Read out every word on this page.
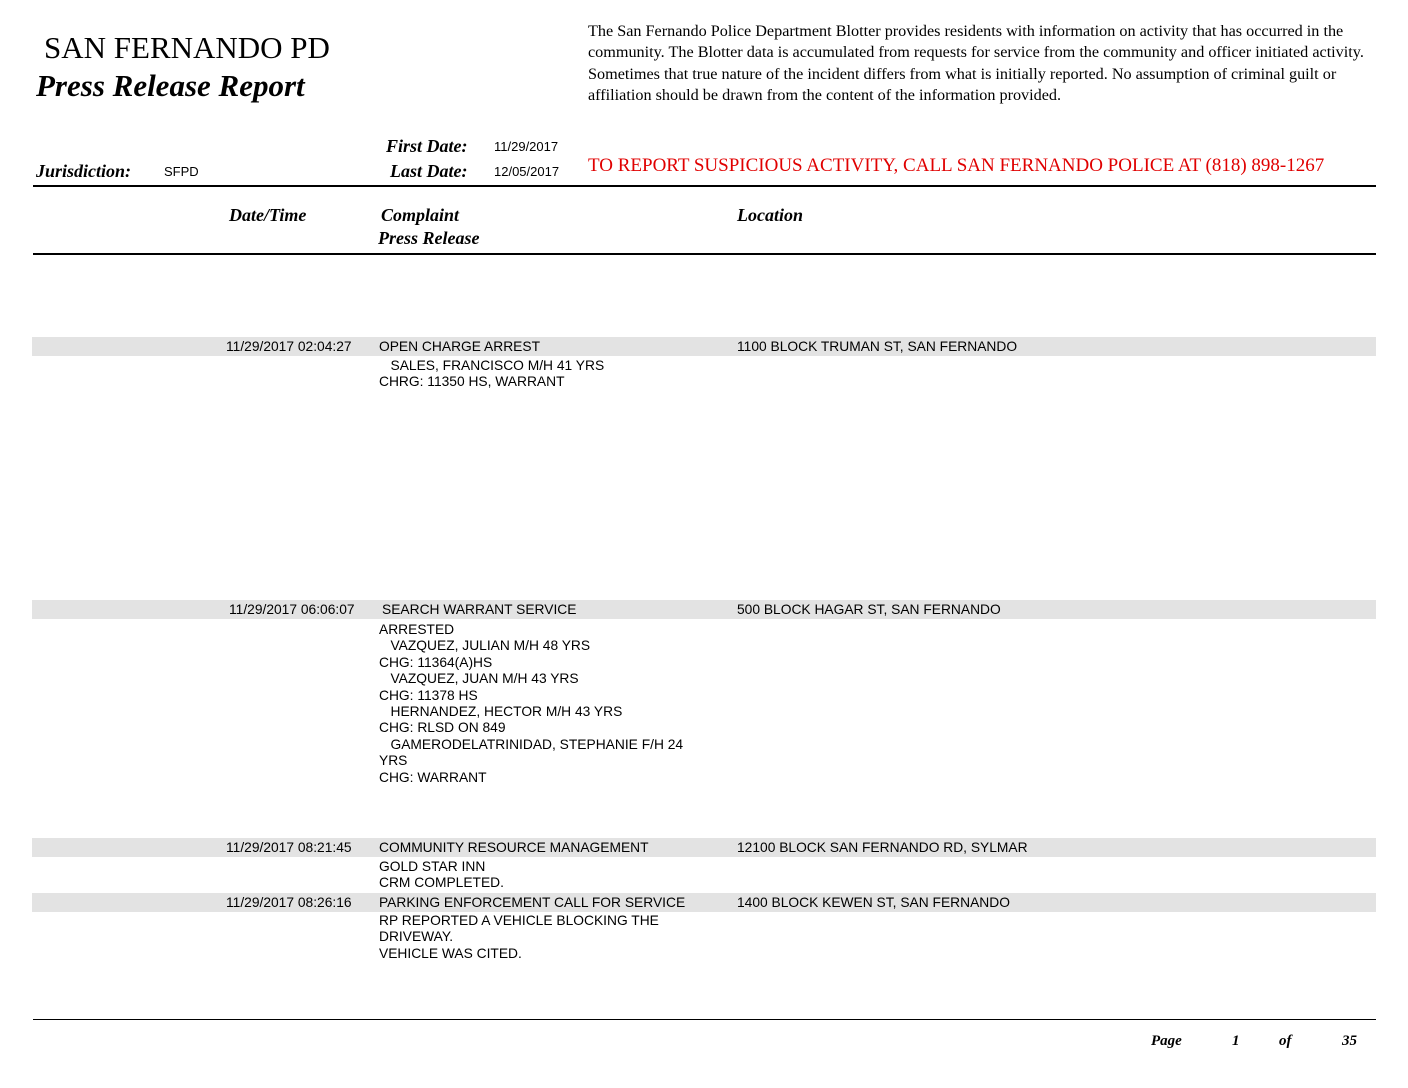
SAN FERNANDO PD
Press Release Report
Jurisdiction:	SFPD
First Date: 11/29/2017
Last Date: 12/05/2017
The San Fernando Police Department Blotter provides residents with information on activity that has occurred in the community. The Blotter data is accumulated from requests for service from the community and officer initiated activity. Sometimes that true nature of the incident differs from what is initially reported. No assumption of criminal guilt or affiliation should be drawn from the content of the information provided.
TO REPORT SUSPICIOUS ACTIVITY, CALL SAN FERNANDO POLICE AT (818) 898-1267
Date/Time	Complaint
Press Release
Location
11/29/2017 02:04:27 OPEN CHARGE ARREST	1100 BLOCK TRUMAN ST, SAN FERNANDO
SALES, FRANCISCO M/H 41 YRS
CHRG: 11350 HS, WARRANT
11/29/2017 06:06:07 SEARCH WARRANT SERVICE	500 BLOCK HAGAR ST, SAN FERNANDO
ARRESTED
VAZQUEZ, JULIAN M/H 48 YRS
CHG: 11364(A)HS
VAZQUEZ, JUAN M/H 43 YRS
CHG: 11378 HS
HERNANDEZ, HECTOR M/H 43 YRS
CHG: RLSD ON 849
GAMERODELATRINIDAD, STEPHANIE F/H 24
YRS
CHG: WARRANT
11/29/2017 08:21:45 COMMUNITY RESOURCE MANAGEMENT	12100 BLOCK SAN FERNANDO RD, SYLMAR
GOLD STAR INN
CRM COMPLETED.
11/29/2017 08:26:16 PARKING ENFORCEMENT CALL FOR SERVICE	1400 BLOCK KEWEN ST, SAN FERNANDO
RP REPORTED A VEHICLE BLOCKING THE
DRIVEWAY.
VEHICLE WAS CITED.
Page	1	of	35
